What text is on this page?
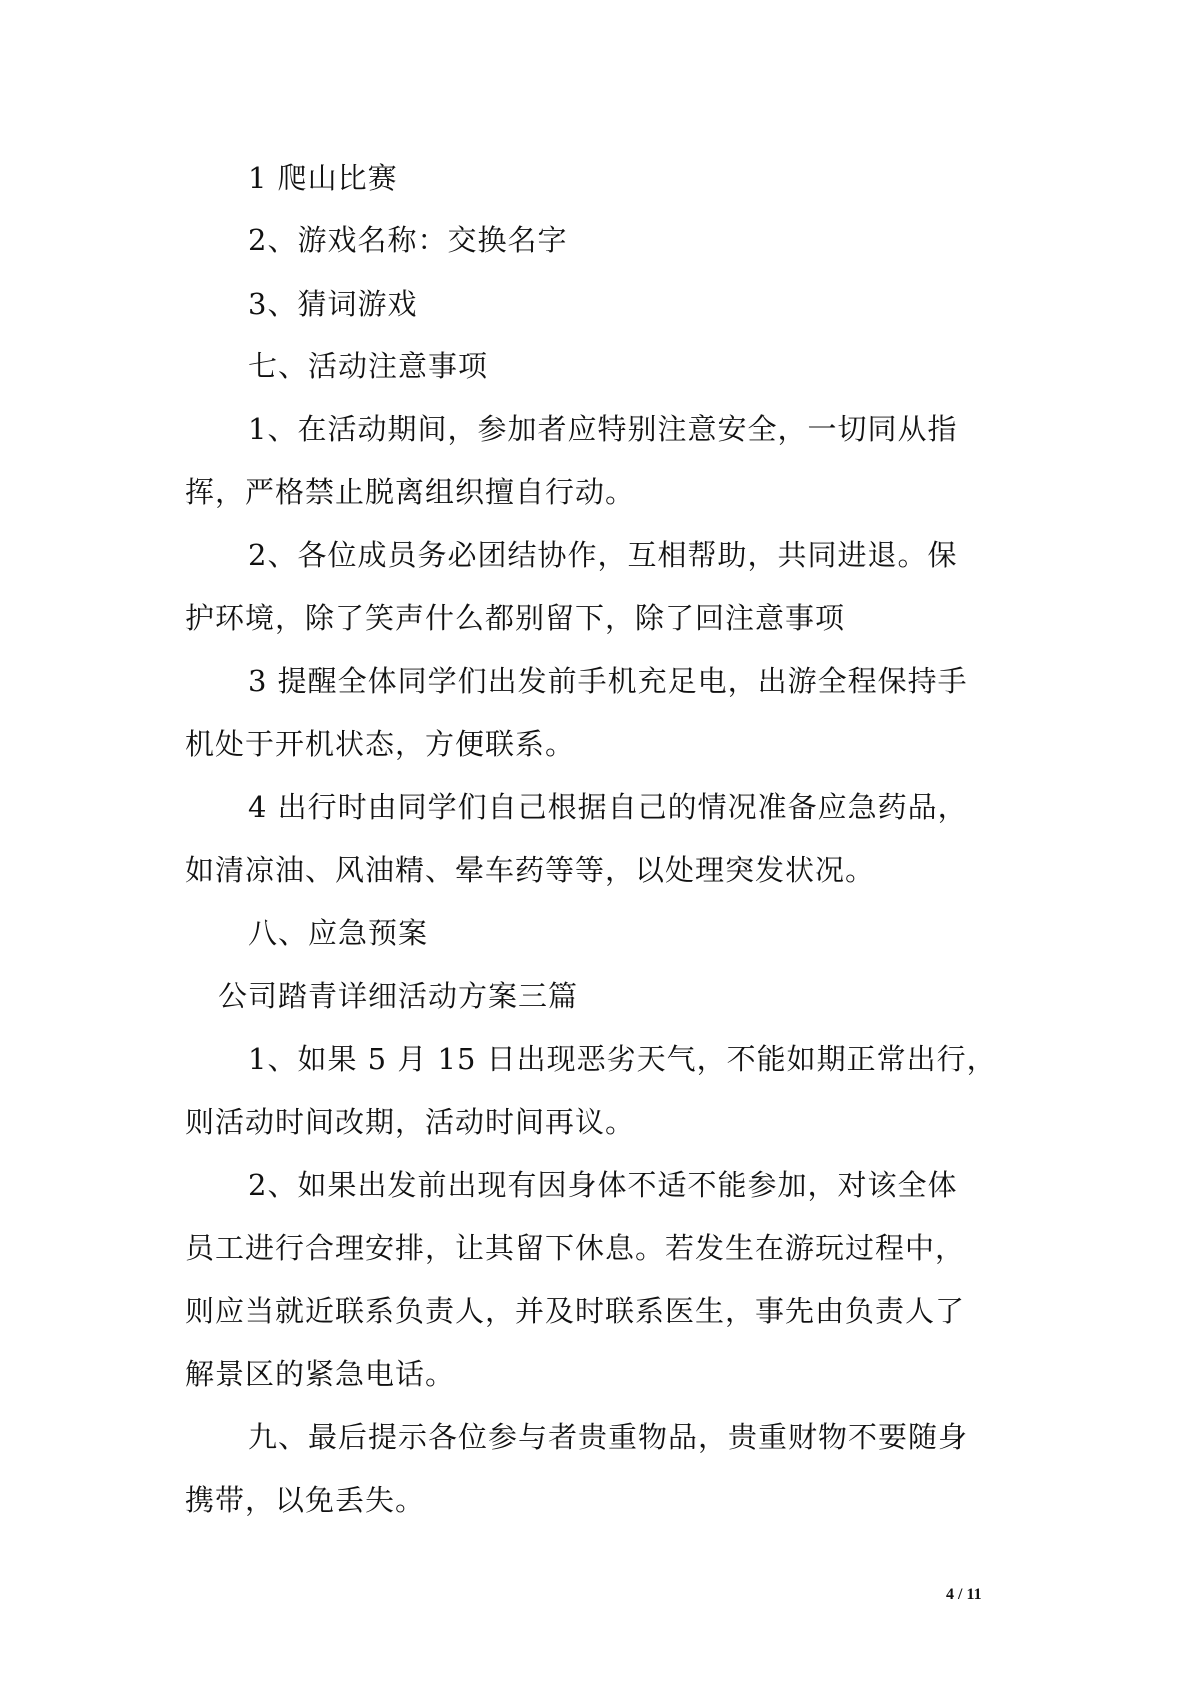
1 爬山比赛
2、游戏名称：交换名字
3、猜词游戏
七、活动注意事项
1、在活动期间，参加者应特别注意安全，一切同从指
挥，严格禁止脱离组织擅自行动。
2、各位成员务必团结协作，互相帮助，共同进退。保
护环境，除了笑声什么都别留下，除了回注意事项
3 提醒全体同学们出发前手机充足电，出游全程保持手
机处于开机状态，方便联系。
4 出行时由同学们自己根据自己的情况准备应急药品，
如清凉油、风油精、晕车药等等，以处理突发状况。
八、应急预案
公司踏青详细活动方案三篇
1、如果 5 月 15 日出现恶劣天气，不能如期正常出行，
则活动时间改期，活动时间再议。
2、如果出发前出现有因身体不适不能参加，对该全体
员工进行合理安排，让其留下休息。若发生在游玩过程中，
则应当就近联系负责人，并及时联系医生，事先由负责人了
解景区的紧急电话。
九、最后提示各位参与者贵重物品，贵重财物不要随身
携带，以免丢失。
4 / 11
